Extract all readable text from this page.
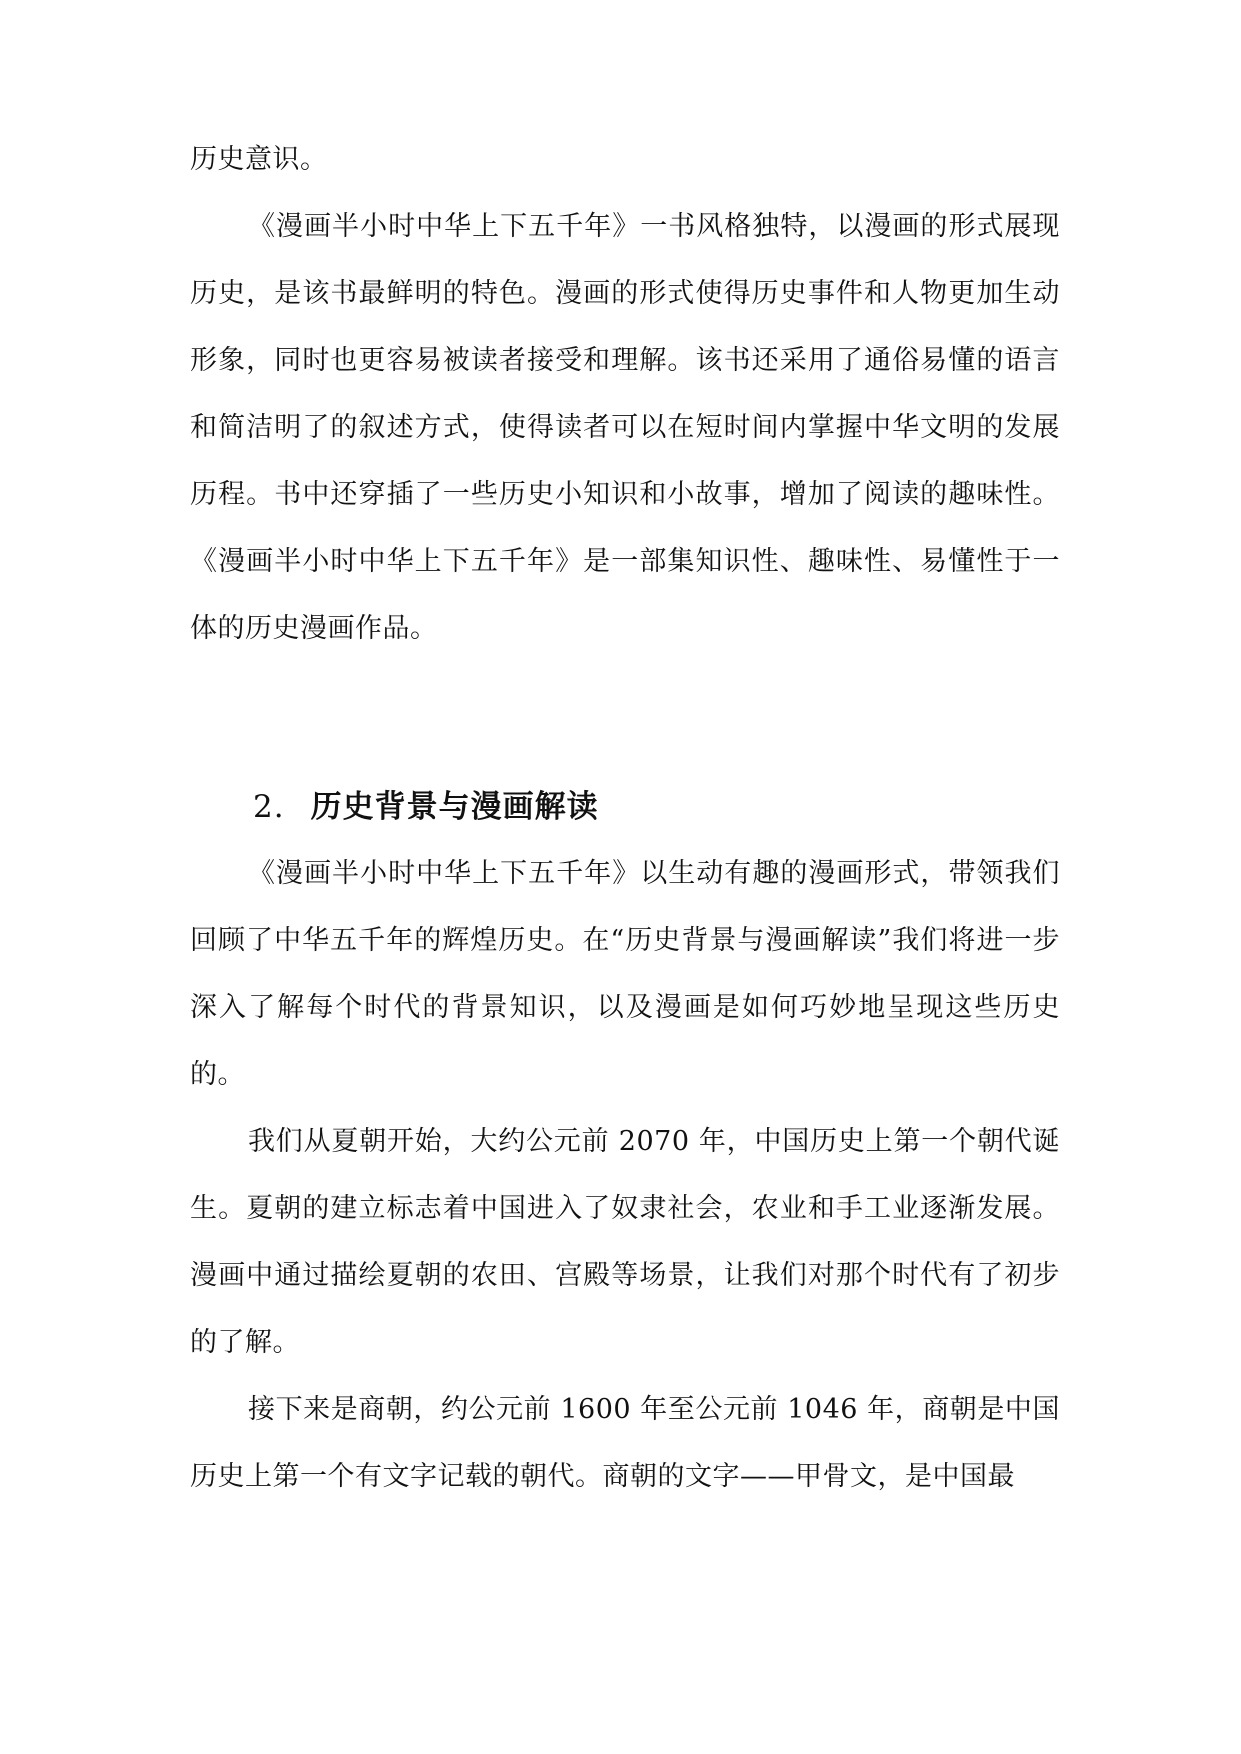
历史意识。

《漫画半小时中华上下五千年》一书风格独特，以漫画的形式展现历史，是该书最鲜明的特色。漫画的形式使得历史事件和人物更加生动形象，同时也更容易被读者接受和理解。该书还采用了通俗易懂的语言和简洁明了的叙述方式，使得读者可以在短时间内掌握中华文明的发展历程。书中还穿插了一些历史小知识和小故事，增加了阅读的趣味性。《漫画半小时中华上下五千年》是一部集知识性、趣味性、易懂性于一体的历史漫画作品。

2. 历史背景与漫画解读

《漫画半小时中华上下五千年》以生动有趣的漫画形式，带领我们回顾了中华五千年的辉煌历史。在“历史背景与漫画解读”我们将进一步深入了解每个时代的背景知识，以及漫画是如何巧妙地呈现这些历史的。

我们从夏朝开始，大约公元前 2070 年，中国历史上第一个朝代诞生。夏朝的建立标志着中国进入了奴隶社会，农业和手工业逐渐发展。漫画中通过描绘夏朝的农田、宫殿等场景，让我们对那个时代有了初步的了解。

接下来是商朝，约公元前 1600 年至公元前 1046 年，商朝是中国历史上第一个有文字记载的朝代。商朝的文字——甲骨文，是中国最
